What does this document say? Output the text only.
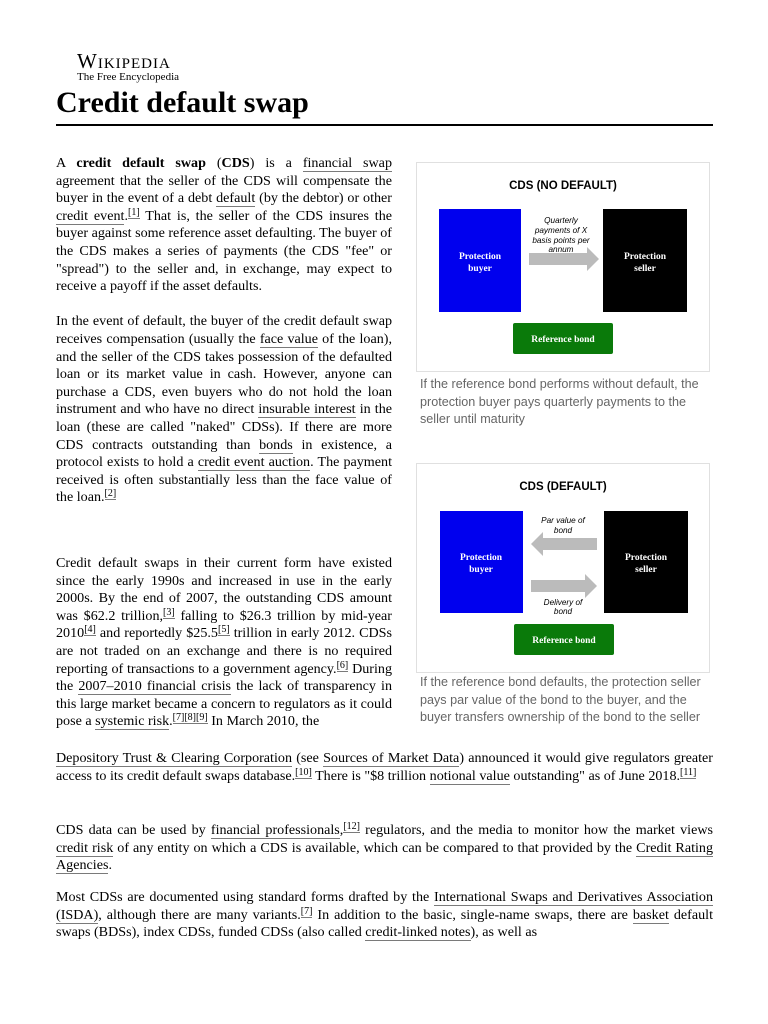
Wikipedia
The Free Encyclopedia
Credit default swap

A credit default swap (CDS) is a financial swap agreement that the seller of the CDS will compensate the buyer in the event of a debt default (by the debtor) or other credit event.[1] That is, the seller of the CDS insures the buyer against some reference asset defaulting. The buyer of the CDS makes a series of payments (the CDS "fee" or "spread") to the seller and, in exchange, may expect to receive a payoff if the asset defaults.

In the event of default, the buyer of the credit default swap receives compensation (usually the face value of the loan), and the seller of the CDS takes possession of the defaulted loan or its market value in cash. However, anyone can purchase a CDS, even buyers who do not hold the loan instrument and who have no direct insurable interest in the loan (these are called "naked" CDSs). If there are more CDS contracts outstanding than bonds in existence, a protocol exists to hold a credit event auction. The payment received is often substantially less than the face value of the loan.[2]

Credit default swaps in their current form have existed since the early 1990s and increased in use in the early 2000s. By the end of 2007, the outstanding CDS amount was $62.2 trillion,[3] falling to $26.3 trillion by mid-year 2010[4] and reportedly $25.5[5] trillion in early 2012. CDSs are not traded on an exchange and there is no required reporting of transactions to a government agency.[6] During the 2007–2010 financial crisis the lack of transparency in this large market became a concern to regulators as it could pose a systemic risk.[7][8][9] In March 2010, the

Depository Trust & Clearing Corporation (see Sources of Market Data) announced it would give regulators greater access to its credit default swaps database.[10] There is "$8 trillion notional value outstanding" as of June 2018.[11]

CDS data can be used by financial professionals,[12] regulators, and the media to monitor how the market views credit risk of any entity on which a CDS is available, which can be compared to that provided by the Credit Rating Agencies.

Most CDSs are documented using standard forms drafted by the International Swaps and Derivatives Association (ISDA), although there are many variants.[7] In addition to the basic, single-name swaps, there are basket default swaps (BDSs), index CDSs, funded CDSs (also called credit-linked notes), as well as

CDS (NO DEFAULT)
Protection
buyer
Protection
seller
Quarterly
payments of X
basis points per
annum
Reference bond
If the reference bond performs without default, the protection buyer pays quarterly payments to the seller until maturity
CDS (DEFAULT)
Protection
buyer
Protection
seller
Par value of
bond
Delivery of
bond
Reference bond
If the reference bond defaults, the protection seller pays par value of the bond to the buyer, and the buyer transfers ownership of the bond to the seller
